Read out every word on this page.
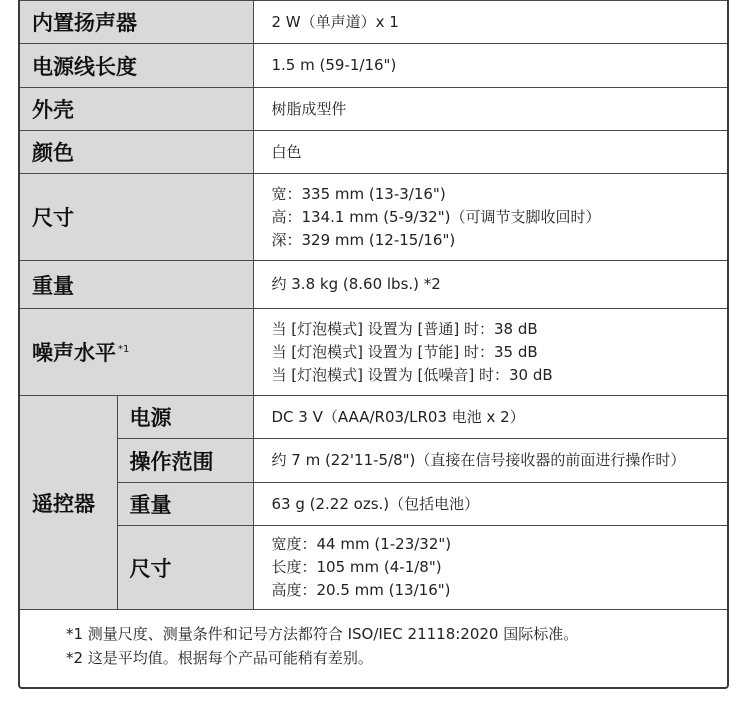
内置扬声器		2 W（单声道）x 1
电源线长度		1.5 m (59-1/16")
外壳		树脂成型件
颜色		白色
尺寸		宽：335 mm (13-3/16")
高：134.1 mm (5-9/32")（可调节支脚收回时）
深：329 mm (12-15/16")

重量		约 3.8 kg (8.60 lbs.) *2
噪声水平 $^{*1}$		当 [灯泡模式] 设置为 [普通] 时：38 dB
当 [灯泡模式] 设置为 [节能] 时：35 dB
当 [灯泡模式] 设置为 [低噪音] 时：30 dB

遥控器	电源	DC 3 V（AAA/R03/LR03 电池 x 2）
	操作范围	约 7 m (22'11-5/8")（直接在信号接收器的前面进行操作时）
	重量	63 g (2.22 ozs.)（包括电池）
	尺寸	宽度：44 mm (1-23/32")
长度：105 mm (4-1/8")
高度：20.5 mm (13/16")
*1 测量尺度、测量条件和记号方法都符合 ISO/IEC 21118:2020 国际标准。
*2 这是平均值。根据每个产品可能稍有差别。
